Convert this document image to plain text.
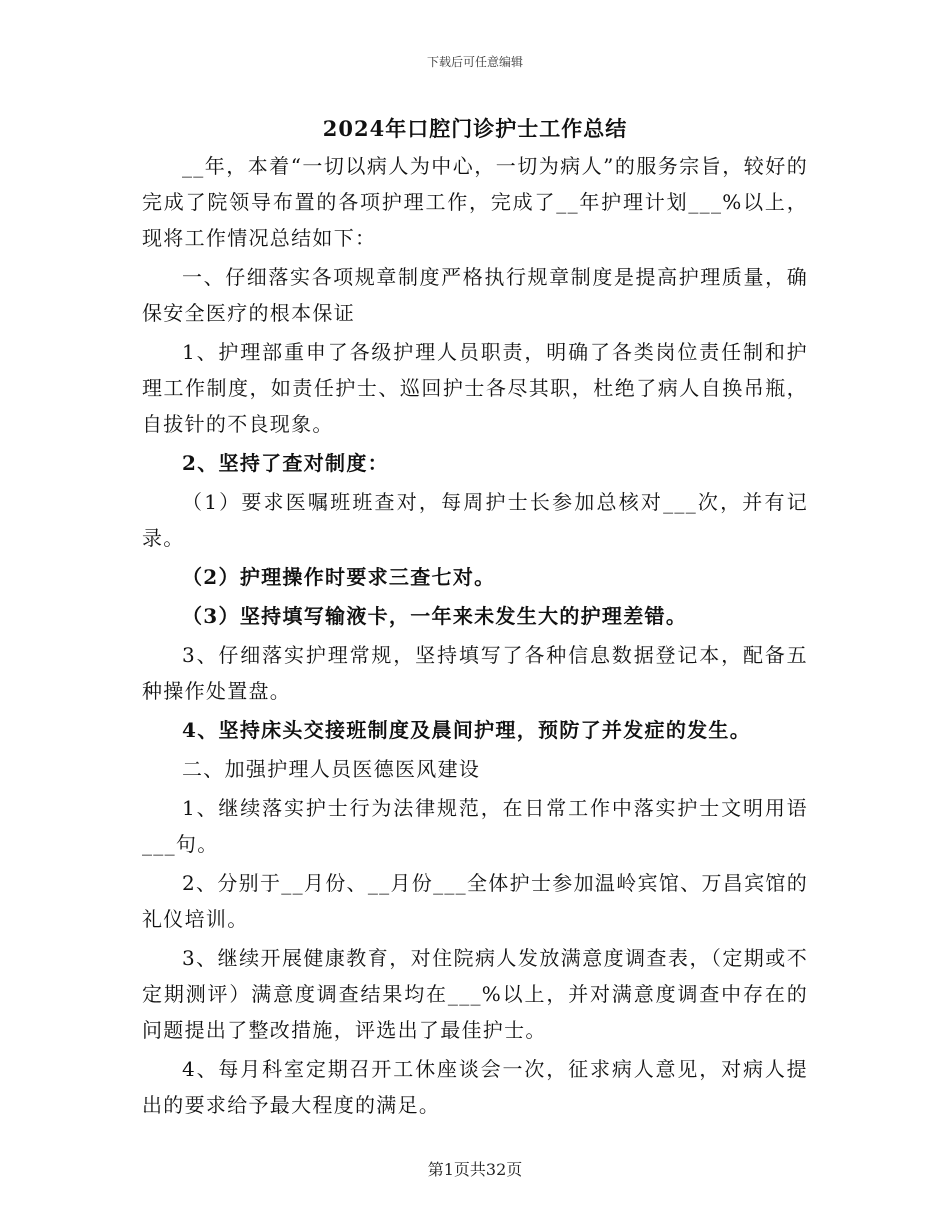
下载后可任意编辑
2024年口腔门诊护士工作总结

__年，本着“一切以病人为中心，一切为病人”的服务宗旨，较好的完成了院领导布置的各项护理工作，完成了__年护理计划___%以上，现将工作情况总结如下：

一、仔细落实各项规章制度严格执行规章制度是提高护理质量，确保安全医疗的根本保证

1、护理部重申了各级护理人员职责，明确了各类岗位责任制和护理工作制度，如责任护士、巡回护士各尽其职，杜绝了病人自换吊瓶，自拔针的不良现象。

2、坚持了查对制度：

（1）要求医嘱班班查对，每周护士长参加总核对___次，并有记录。

（2）护理操作时要求三查七对。

（3）坚持填写输液卡，一年来未发生大的护理差错。

3、仔细落实护理常规，坚持填写了各种信息数据登记本，配备五种操作处置盘。

4、坚持床头交接班制度及晨间护理，预防了并发症的发生。

二、加强护理人员医德医风建设

1、继续落实护士行为法律规范，在日常工作中落实护士文明用语___句。

2、分别于__月份、__月份___全体护士参加温岭宾馆、万昌宾馆的礼仪培训。

3、继续开展健康教育，对住院病人发放满意度调查表，（定期或不定期测评）满意度调查结果均在___%以上，并对满意度调查中存在的问题提出了整改措施，评选出了最佳护士。

4、每月科室定期召开工休座谈会一次，征求病人意见，对病人提出的要求给予最大程度的满足。

第1页共32页
